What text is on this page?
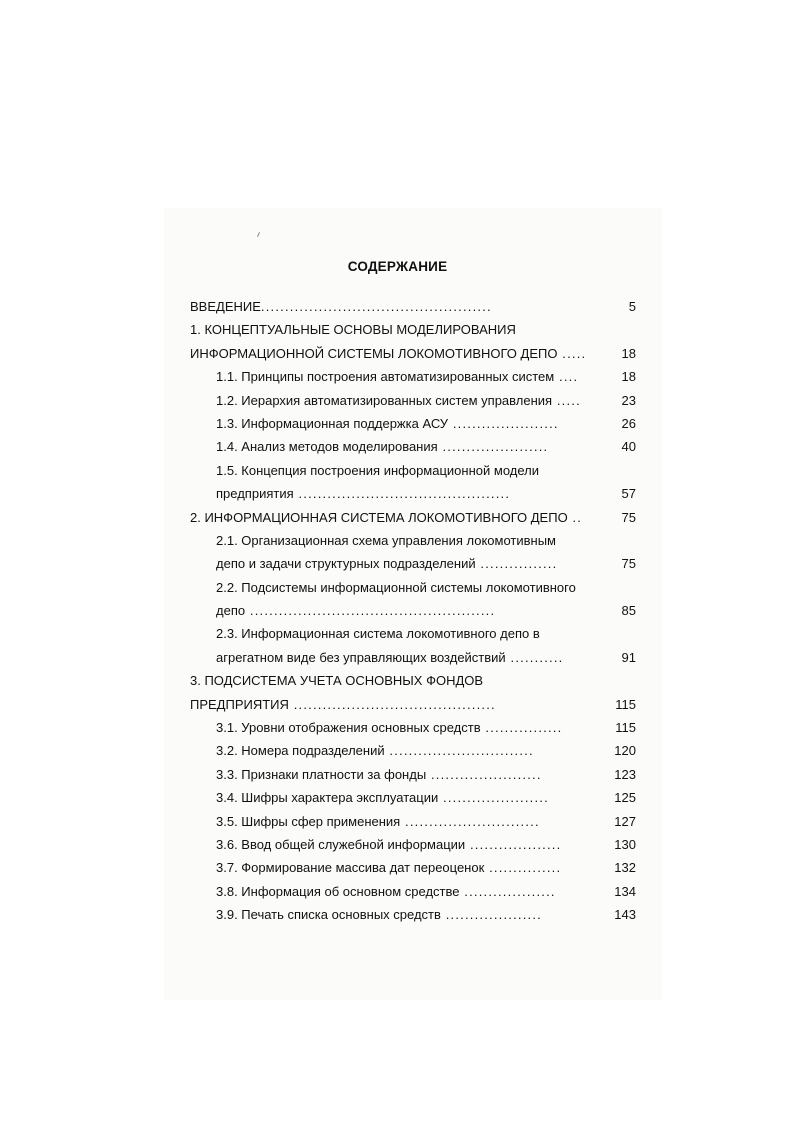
СОДЕРЖАНИЕ
ВВЕДЕНИЕ................................................	5
1. КОНЦЕПТУАЛЬНЫЕ ОСНОВЫ МОДЕЛИРОВАНИЯ
ИНФОРМАЦИОННОЙ СИСТЕМЫ ЛОКОМОТИВНОГО ДЕПО .....	18
1.1. Принципы построения автоматизированных систем ....	18
1.2. Иерархия автоматизированных систем управления .....	23
1.3. Информационная поддержка АСУ ......................	26
1.4. Анализ методов моделирования ......................	40
1.5. Концепция построения информационной модели
предприятия ............................................	57
2. ИНФОРМАЦИОННАЯ СИСТЕМА ЛОКОМОТИВНОГО ДЕПО ..	75
2.1. Организационная схема управления локомотивным
депо и задачи структурных подразделений ................	75
2.2. Подсистемы информационной системы локомотивного
депо ...................................................	85
2.3. Информационная система локомотивного депо в
агрегатном виде без управляющих воздействий ...........	91
3. ПОДСИСТЕМА УЧЕТА ОСНОВНЫХ ФОНДОВ
ПРЕДПРИЯТИЯ ..........................................	115
3.1. Уровни отображения основных средств ................	115
3.2. Номера подразделений ..............................	120
3.3. Признаки платности за фонды .......................	123
3.4. Шифры характера эксплуатации ......................	125
3.5. Шифры сфер применения ............................	127
3.6. Ввод общей служебной информации ...................	130
3.7. Формирование массива дат переоценок ...............	132
3.8. Информация об основном средстве ...................	134
3.9. Печать списка основных средств ....................	143
